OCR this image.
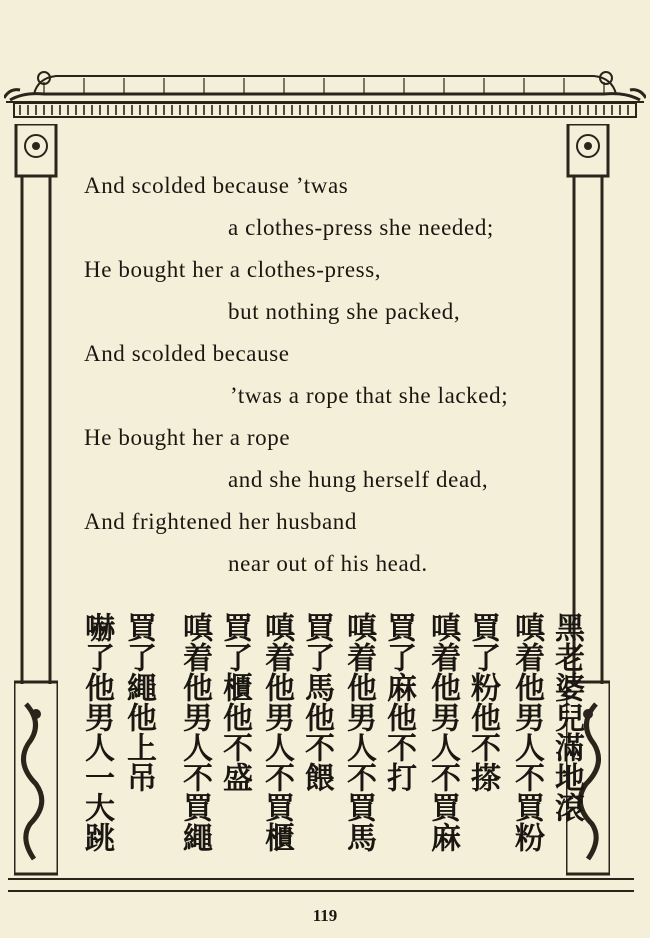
And scolded because ’twas
a clothes-press she needed;
He bought her a clothes-press,
but nothing she packed,
And scolded because
’twas a rope that she lacked;
He bought her a rope
and she hung herself dead,
And frightened her husband
near out of his head.
黑老婆兒滿地滾
嗔着他男人不買粉
買了粉他不搽
嗔着他男人不買麻
買了麻他不打
嗔着他男人不買馬
買了馬他不餵
嗔着他男人不買櫃
買了櫃他不盛
嗔着他男人不買繩
買了繩他上吊
嚇了他男人一大跳
119
